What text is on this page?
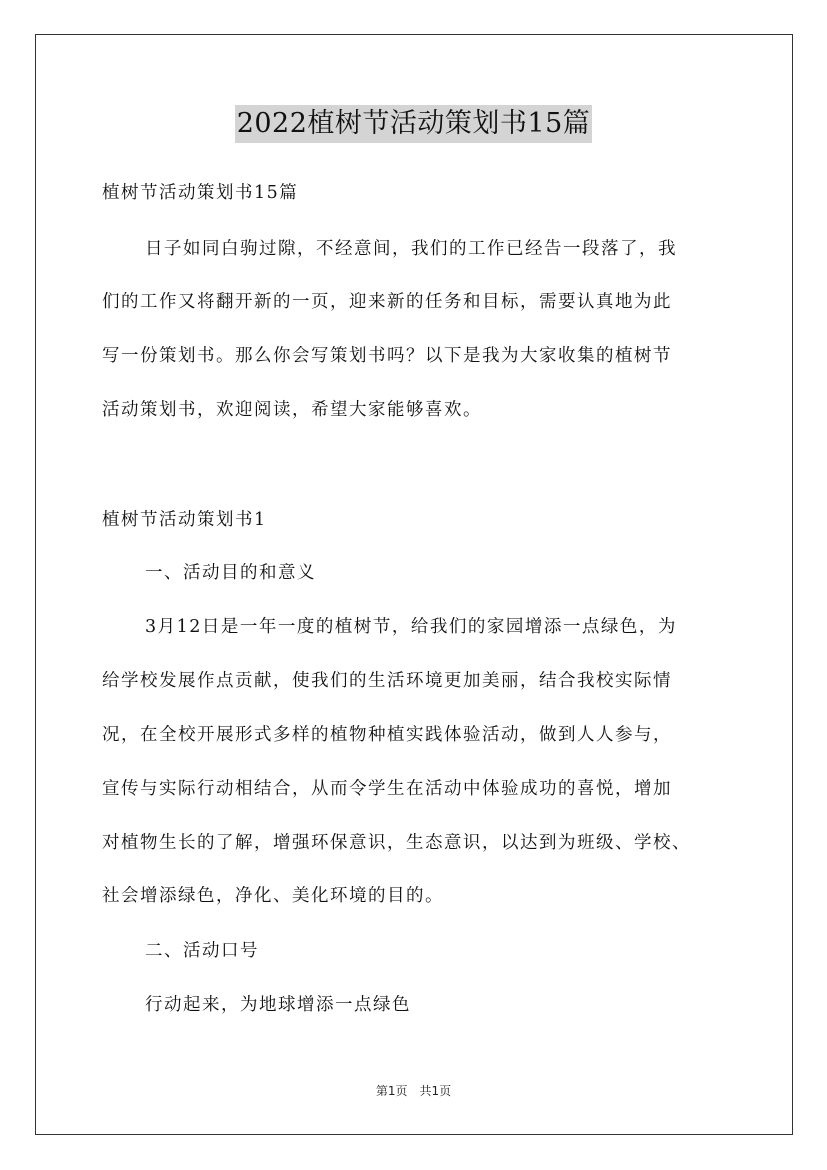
2022植树节活动策划书15篇
植树节活动策划书15篇
日子如同白驹过隙，不经意间，我们的工作已经告一段落了，我
们的工作又将翻开新的一页，迎来新的任务和目标，需要认真地为此
写一份策划书。那么你会写策划书吗？以下是我为大家收集的植树节
活动策划书，欢迎阅读，希望大家能够喜欢。
植树节活动策划书1
一、活动目的和意义
3月12日是一年一度的植树节，给我们的家园增添一点绿色，为
给学校发展作点贡献，使我们的生活环境更加美丽，结合我校实际情
况，在全校开展形式多样的植物种植实践体验活动，做到人人参与，
宣传与实际行动相结合，从而令学生在活动中体验成功的喜悦，增加
对植物生长的了解，增强环保意识，生态意识，以达到为班级、学校、
社会增添绿色，净化、美化环境的目的。
二、活动口号
行动起来，为地球增添一点绿色
第1页　共1页
